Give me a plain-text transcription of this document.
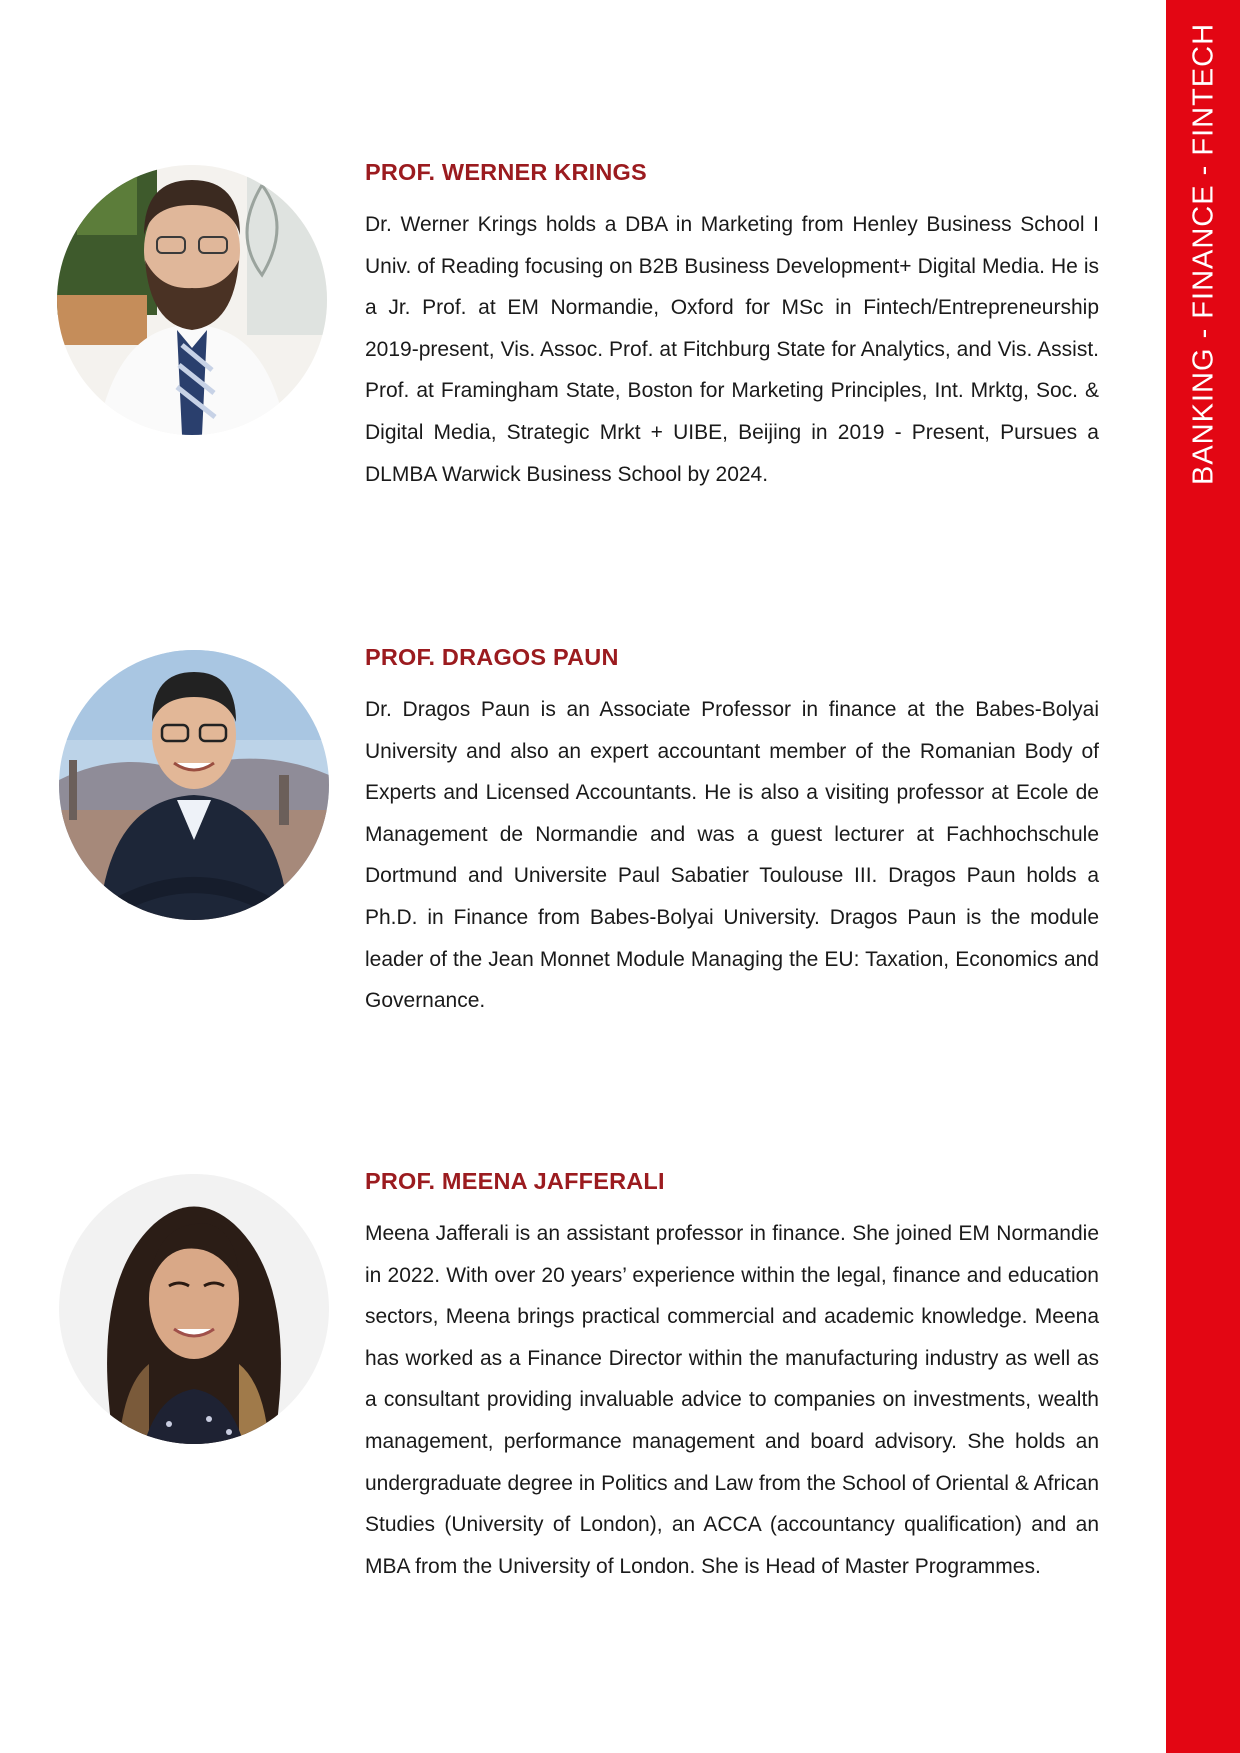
BANKING - FINANCE - FINTECH
PROF. WERNER KRINGS

Dr. Werner Krings holds a DBA in Marketing from Henley Business School I Univ. of Reading focusing on B2B Business Development+ Digital Media. He is a Jr. Prof. at EM Normandie, Oxford for MSc in Fintech/Entrepreneurship 2019-present, Vis. Assoc. Prof. at Fitchburg State for Analytics, and Vis. Assist. Prof. at Framingham State, Boston for Marketing Principles, Int. Mrktg, Soc. & Digital Media, Strategic Mrkt + UIBE, Beijing in 2019 - Present, Pursues a DLMBA Warwick Business School by 2024.

PROF. DRAGOS PAUN

Dr. Dragos Paun is an Associate Professor in finance at the Babes-Bolyai University and also an expert accountant member of the Romanian Body of Experts and Licensed Accountants. He is also a visiting professor at Ecole de Management de Normandie and was a guest lecturer at Fachhochschule Dortmund and Universite Paul Sabatier Toulouse III. Dragos Paun holds a Ph.D. in Finance from Babes-Bolyai University. Dragos Paun is the module leader of the Jean Monnet Module Managing the EU: Taxation, Economics and Governance.

PROF. MEENA JAFFERALI

Meena Jafferali is an assistant professor in finance. She joined EM Normandie in 2022. With over 20 years’ experience within the legal, finance and education sectors, Meena brings practical commercial and academic knowledge. Meena has worked as a Finance Director within the manufacturing industry as well as a consultant providing invaluable advice to companies on investments, wealth management, performance management and board advisory. She holds an undergraduate degree in Politics and Law from the School of Oriental & African Studies (University of London), an ACCA (accountancy qualification) and an MBA from the University of London. She is Head of Master Programmes.
